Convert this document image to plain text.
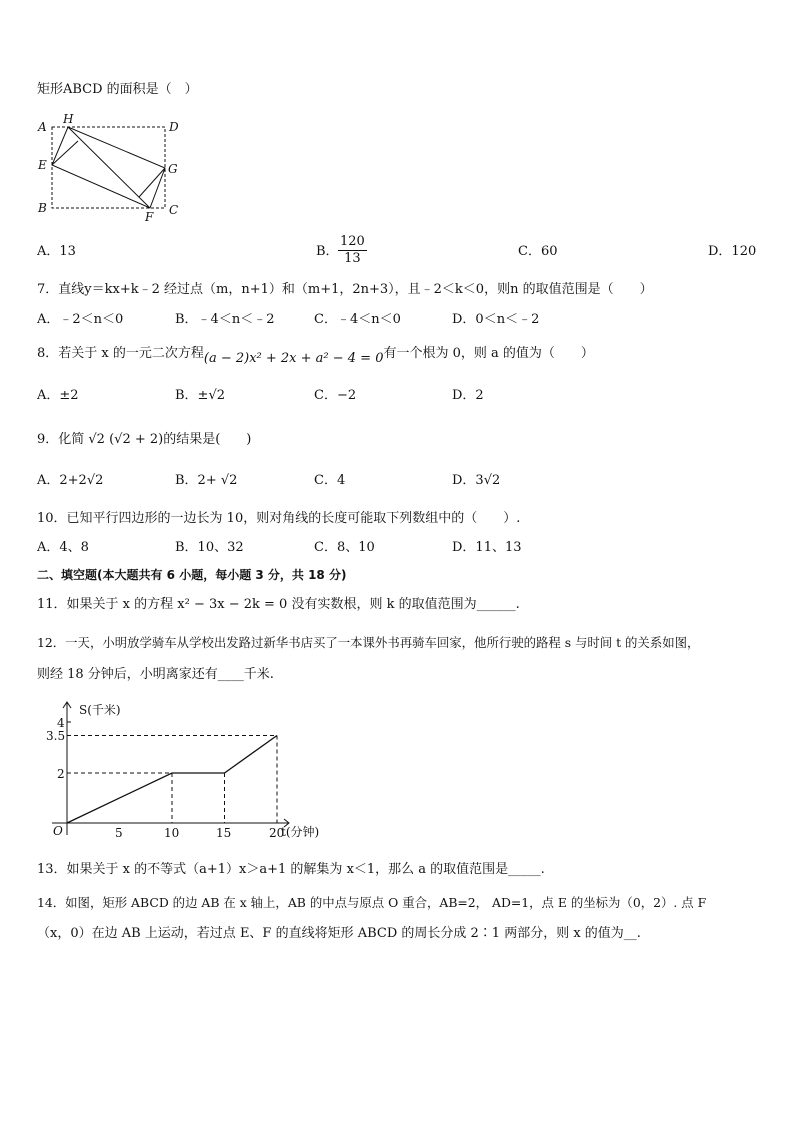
矩形ABCD 的面积是（　）
A
H
D
E	G
B
F C
S(千米)
t(分钟)
O	5	10	15	20
2
3.5
4
A．13	B． $\frac{120}{13}$	C．60	D．120
7．直线y＝kx+k﹣2 经过点（m，n+1）和（m+1，2n+3），且﹣2＜k＜0，则n 的取值范围是（　　）
A．﹣2＜n＜0	B．﹣4＜n＜﹣2	C．﹣4＜n＜0	D．0＜n＜﹣2
8．若关于 x 的一元二次方程(a − 2)x² + 2x + a² − 4 = 0有一个根为 0，则 a 的值为（　　）
A．±2	B．±√2	C．−2	D．2
9．化简 √2 (√2 + 2)的结果是(　　)
A．2+2√2	B．2+ √2	C．4	D．3√2
10．已知平行四边形的一边长为 10，则对角线的长度可能取下列数组中的（　　）.
A．4、8	B．10、32	C．8、10	D．11、13
二、填空题(本大题共有 6 小题，每小题 3 分，共 18 分)
11．如果关于 x 的方程 x² − 3x − 2k = 0 没有实数根，则 k 的取值范围为______.
12．一天，小明放学骑车从学校出发路过新华书店买了一本课外书再骑车回家，他所行驶的路程 s 与时间 t 的关系如图，
则经 18 分钟后，小明离家还有____千米.
13．如果关于 x 的不等式（a+1）x＞a+1 的解集为 x＜1，那么 a 的取值范围是_____.
14．如图，矩形 ABCD 的边 AB 在 x 轴上，AB 的中点与原点 O 重合，AB=2， AD=1，点 E 的坐标为（0，2）. 点 F
（x，0）在边 AB 上运动，若过点 E、F 的直线将矩形 ABCD 的周长分成 2∶1 两部分，则 x 的值为__.
